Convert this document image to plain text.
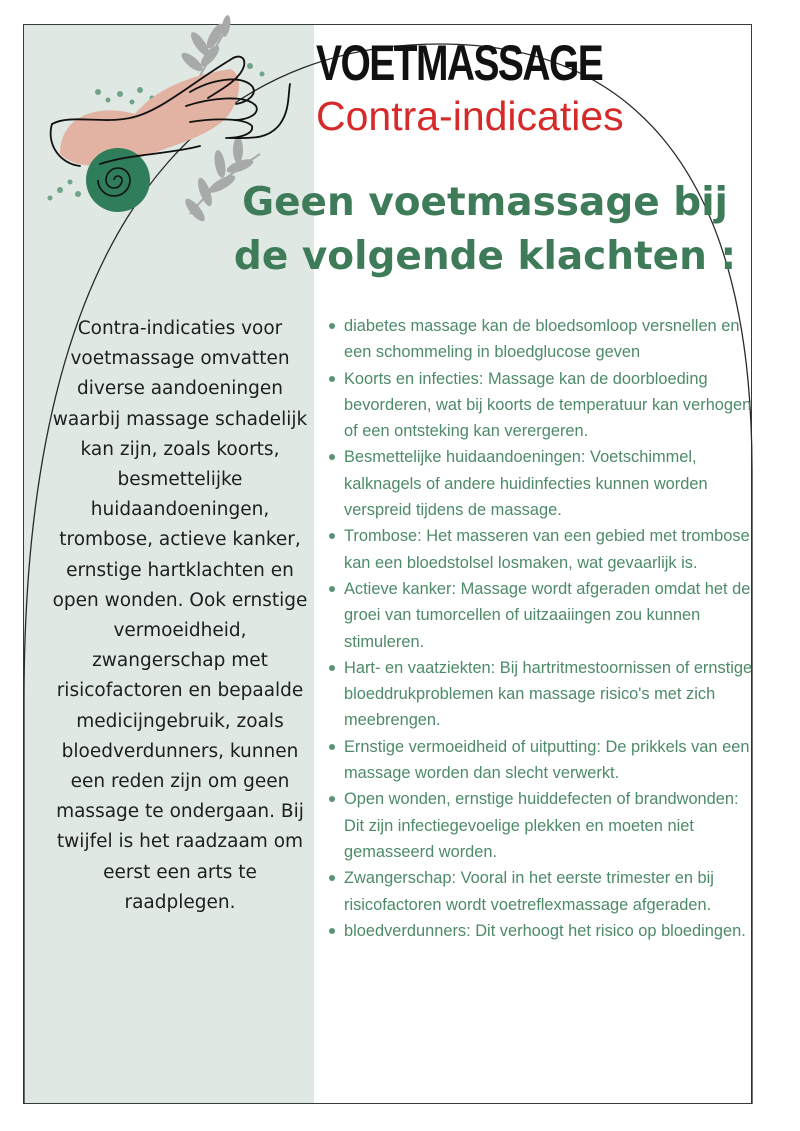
VOETMASSAGE
Contra-indicaties
Geen voetmassage bij de volgende klachten :

Contra-indicaties voor voetmassage omvatten diverse aandoeningen waarbij massage schadelijk kan zijn, zoals koorts, besmettelijke huidaandoeningen, trombose, actieve kanker, ernstige hartklachten en open wonden. Ook ernstige vermoeidheid, zwangerschap met risicofactoren en bepaalde medicijngebruik, zoals bloedverdunners, kunnen een reden zijn om geen massage te ondergaan. Bij twijfel is het raadzaam om eerst een arts te raadplegen.

diabetes massage kan de bloedsomloop versnellen en een schommeling in bloedglucose geven
Koorts en infecties: Massage kan de doorbloeding bevorderen, wat bij koorts de temperatuur kan verhogen of een ontsteking kan verergeren.
Besmettelijke huidaandoeningen: Voetschimmel, kalknagels of andere huidinfecties kunnen worden verspreid tijdens de massage.
Trombose: Het masseren van een gebied met trombose kan een bloedstolsel losmaken, wat gevaarlijk is.
Actieve kanker: Massage wordt afgeraden omdat het de groei van tumorcellen of uitzaaiingen zou kunnen stimuleren.
Hart- en vaatziekten: Bij hartritmestoornissen of ernstige bloeddrukproblemen kan massage risico's met zich meebrengen.
Ernstige vermoeidheid of uitputting: De prikkels van een massage worden dan slecht verwerkt.
Open wonden, ernstige huiddefecten of brandwonden: Dit zijn infectiegevoelige plekken en moeten niet gemasseerd worden.
Zwangerschap: Vooral in het eerste trimester en bij risicofactoren wordt voetreflexmassage afgeraden.
bloedverdunners: Dit verhoogt het risico op bloedingen.
